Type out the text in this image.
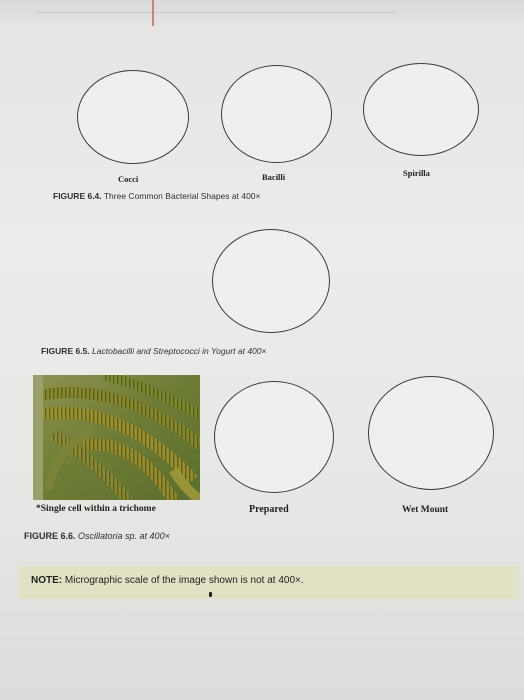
Cocci	Bacilli	Spirilla
FIGURE 6.4. Three Common Bacterial Shapes at 400×
FIGURE 6.5. Lactobacilli and Streptococci in Yogurt at 400×
*Single cell within a trichome	Prepared	Wet Mount
FIGURE 6.6. Oscillatoria sp. at 400×
NOTE: Micrographic scale of the image shown is not at 400×.
